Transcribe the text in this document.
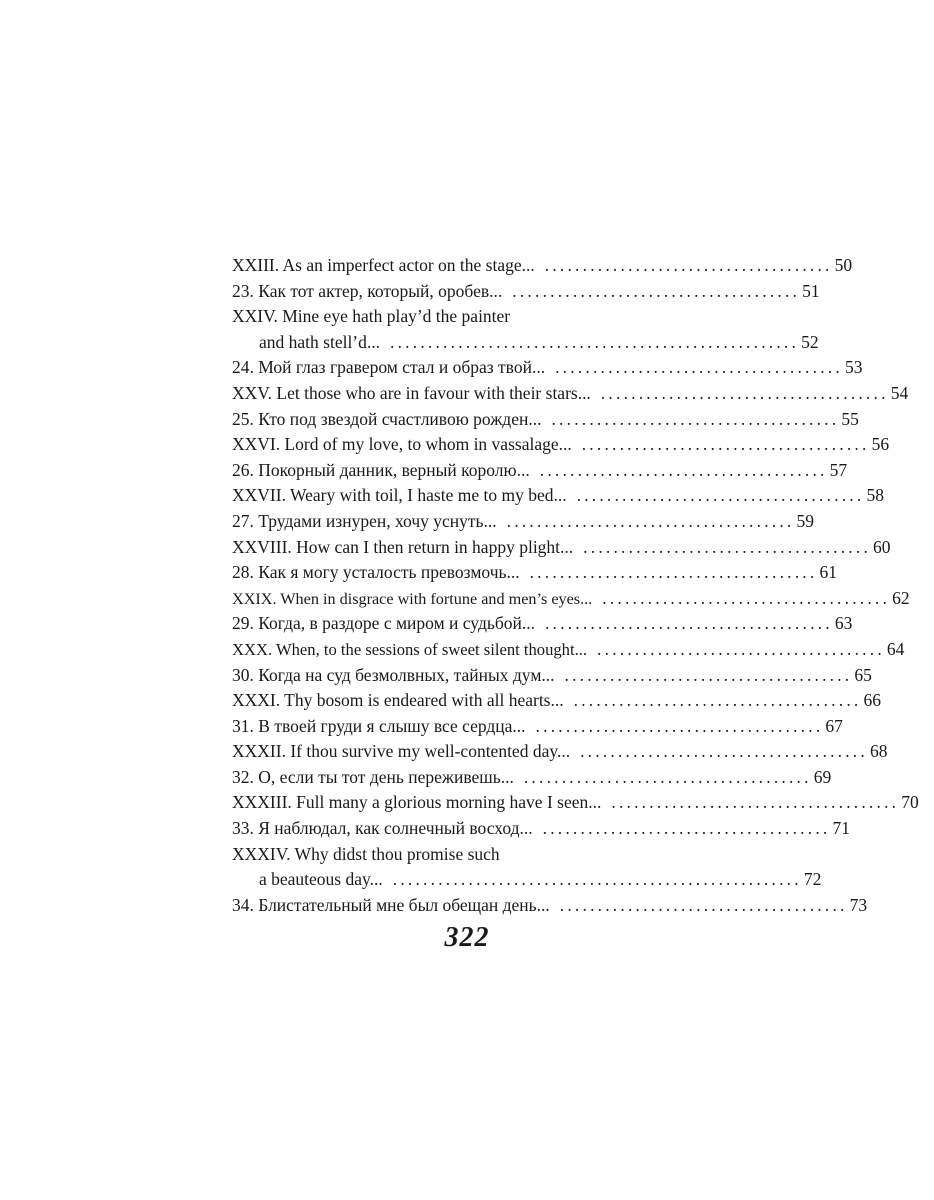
XXIII. As an imperfect actor on the stage... ...................................... 50
23. Как тот актер, который, оробев... ...................................... 51
XXIV. Mine eye hath play’d the painter
and hath stell’d... ...................................................... 52
24. Мой глаз гравером стал и образ твой... ...................................... 53
XXV. Let those who are in favour with their stars... ...................................... 54
25. Кто под звездой счастливою рожден... ...................................... 55
XXVI. Lord of my love, to whom in vassalage... ...................................... 56
26. Покорный данник, верный королю... ...................................... 57
XXVII. Weary with toil, I haste me to my bed... ...................................... 58
27. Трудами изнурен, хочу уснуть... ...................................... 59
XXVIII. How can I then return in happy plight... ...................................... 60
28. Как я могу усталость превозмочь... ...................................... 61
XXIX. When in disgrace with fortune and men’s eyes... ...................................... 62
29. Когда, в раздоре с миром и судьбой... ...................................... 63
XXX. When, to the sessions of sweet silent thought... ...................................... 64
30. Когда на суд безмолвных, тайных дум... ...................................... 65
XXXI. Thy bosom is endeared with all hearts... ...................................... 66
31. В твоей груди я слышу все сердца... ...................................... 67
XXXII. If thou survive my well-contented day... ...................................... 68
32. О, если ты тот день переживешь... ...................................... 69
XXXIII. Full many a glorious morning have I seen... ...................................... 70
33. Я наблюдал, как солнечный восход... ...................................... 71
XXXIV. Why didst thou promise such
a beauteous day... ...................................................... 72
34. Блистательный мне был обещан день... ...................................... 73
322
